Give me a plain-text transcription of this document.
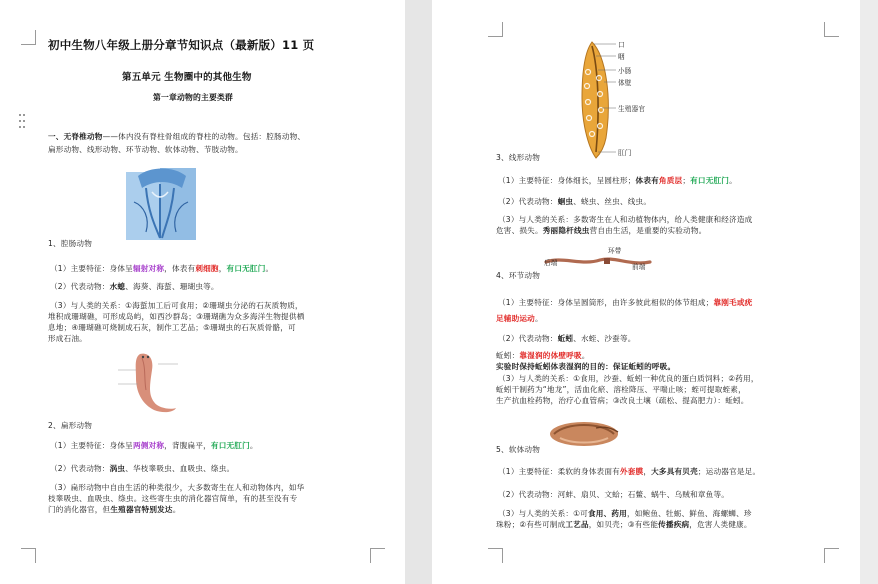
初中生物八年级上册分章节知识点（最新版）11 页
第五单元 生物圈中的其他生物
第一章动物的主要类群
一、无脊椎动物——体内没有脊柱骨组成的脊柱的动物。包括：腔肠动物、
扁形动物、线形动物、环节动物、软体动物、节肢动物。
1、腔肠动物
（1）主要特征：身体呈辐射对称，体表有刺细胞，有口无肛门。
（2）代表动物：水螅、海葵、海蜇、珊瑚虫等。
（3）与人类的关系：①海蜇加工后可食用；②珊瑚虫分泌的石灰质物质，
堆积成珊瑚礁，可形成岛屿，如西沙群岛；③珊瑚礁为众多海洋生物提供栖
息地；④珊瑚礁可烧制成石灰，制作工艺品；⑤珊瑚虫的石灰质骨骼，可
形成石油。
2、扁形动物
（1）主要特征：身体呈两侧对称，背腹扁平，有口无肛门。
（2）代表动物：涡虫、华枝睾吸虫、血吸虫、绦虫。
（3）扁形动物中自由生活的种类很少，大多数寄生在人和动物体内，如华
枝睾吸虫、血吸虫、绦虫。这些寄生虫的消化器官简单，有的甚至没有专
门的消化器官，但生殖器官特别发达。

口
咽
小肠
体壁
生殖器官
肛门
3、线形动物
（1）主要特征：身体细长，呈圆柱形；体表有角质层；有口无肛门。
（2）代表动物：蛔虫、蛲虫、丝虫、线虫。
（3）与人类的关系：多数寄生在人和动植物体内，给人类健康和经济造成
危害、损失。秀丽隐杆线虫营自由生活，是重要的实验动物。
环带
后端	前端
4、环节动物
（1）主要特征：身体呈圆筒形，由许多彼此相似的体节组成；靠刚毛或疣
足辅助运动。
（2）代表动物：蚯蚓、水蛭、沙蚕等。
蚯蚓：靠湿润的体壁呼吸。
实验时保持蚯蚓体表湿润的目的：保证蚯蚓的呼吸。
（3）与人类的关系：①食用，沙蚕、蚯蚓一种优良的蛋白质饲料；②药用，
蚯蚓干制药为“地龙”，活血化瘀、溶栓降压、平喘止咳；蛭可提取蛭素，
生产抗血栓药物，治疗心血管病；③改良土壤（疏松、提高肥力）：蚯蚓。
5、软体动物
（1）主要特征：柔软的身体表面有外套膜，大多具有贝壳；运动器官是足。
（2）代表动物：河蚌、扇贝、文蛤；石鳖、蜗牛、乌贼和章鱼等。
（3）与人类的关系：①可食用、药用，如鲍鱼、牡蛎、鲜鱼、海螺蛳、珍
珠粉；②有些可制成工艺品，如贝壳；③有些能传播疾病，危害人类健康。
